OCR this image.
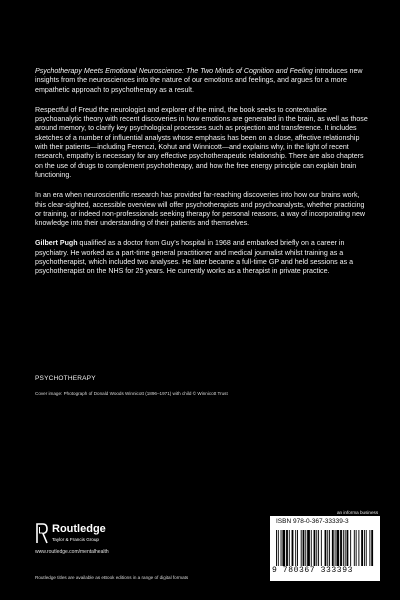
Psychotherapy Meets Emotional Neuroscience: The Two Minds of Cognition and Feeling introduces new insights from the neurosciences into the nature of our emotions and feelings, and argues for a more empathetic approach to psychotherapy as a result.

Respectful of Freud the neurologist and explorer of the mind, the book seeks to contextualise psychoanalytic theory with recent discoveries in how emotions are generated in the brain, as well as those around memory, to clarify key psychological processes such as projection and transference. It includes sketches of a number of influential analysts whose emphasis has been on a close, affective relationship with their patients—including Ferenczi, Kohut and Winnicott—and explains why, in the light of recent research, empathy is necessary for any effective psychotherapeutic relationship. There are also chapters on the use of drugs to complement psychotherapy, and how the free energy principle can explain brain functioning.

In an era when neuroscientific research has provided far-reaching discoveries into how our brains work, this clear-sighted, accessible overview will offer psychotherapists and psychoanalysts, whether practicing or training, or indeed non-professionals seeking therapy for personal reasons, a way of incorporating new knowledge into their understanding of their patients and themselves.

Gilbert Pugh qualified as a doctor from Guy’s hospital in 1968 and embarked briefly on a career in psychiatry. He worked as a part-time general practitioner and medical journalist whilst training as a psychotherapist, which included two analyses. He later became a full-time GP and held sessions as a psychotherapist on the NHS for 25 years. He currently works as a therapist in private practice.

PSYCHOTHERAPY
Cover image: Photograph of Donald Woods Winnicott (1896–1971) with child © Winnicott Trust
an informa business
Routledge
Taylor & Francis Group
www.routledge.com/mentalhealth
Routledge titles are available as eBook editions in a range of digital formats
ISBN 978-0-367-33339-3
9 780367 333393
